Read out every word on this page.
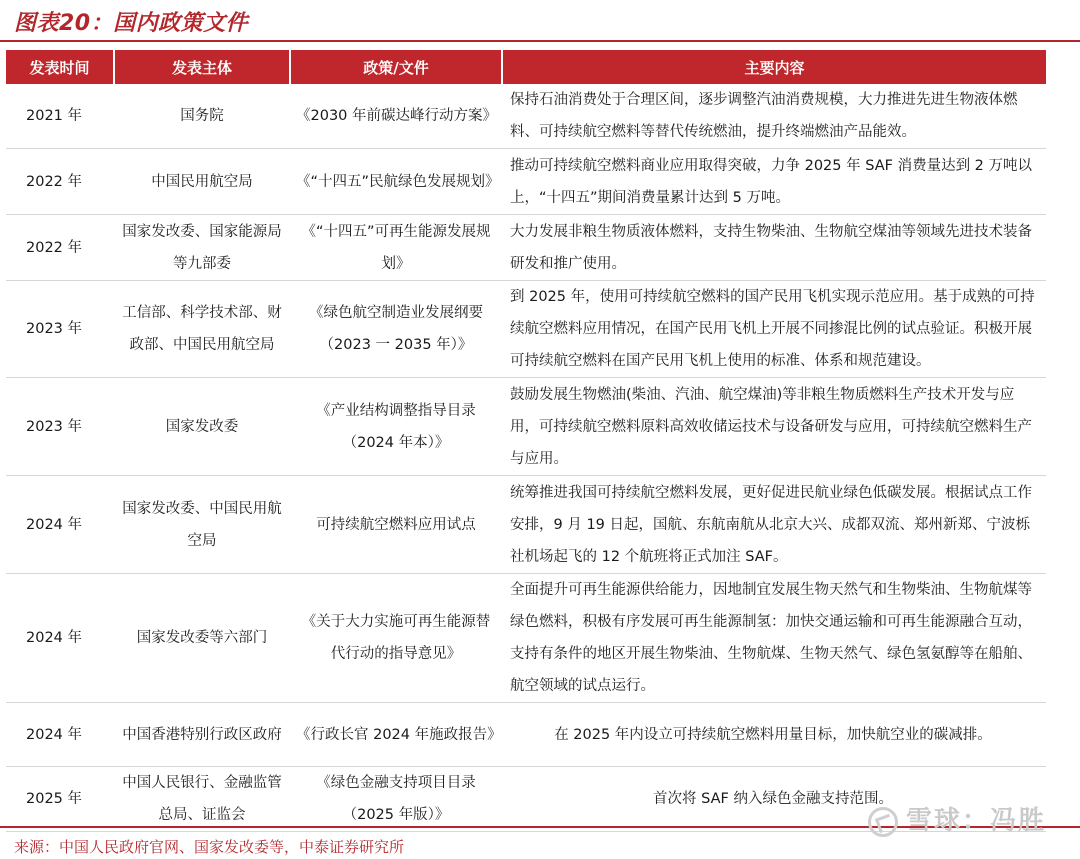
图表20：国内政策文件
发表时间	发表主体	政策/文件	主要内容
2021 年	国务院	《2030 年前碳达峰行动方案》	保持石油消费处于合理区间，逐步调整汽油消费规模，大力推进先进生物液体燃料、可持续航空燃料等替代传统燃油，提升终端燃油产品能效。
2022 年	中国民用航空局	《“十四五”民航绿色发展规划》	推动可持续航空燃料商业应用取得突破，力争 2025 年 SAF 消费量达到 2 万吨以上，“十四五”期间消费量累计达到 5 万吨。
2022 年	国家发改委、国家能源局等九部委	《“十四五”可再生能源发展规划》	大力发展非粮生物质液体燃料，支持生物柴油、生物航空煤油等领域先进技术装备研发和推广使用。
2023 年	工信部、科学技术部、财政部、中国民用航空局	《绿色航空制造业发展纲要（2023 一 2035 年）》	到 2025 年，使用可持续航空燃料的国产民用飞机实现示范应用。基于成熟的可持续航空燃料应用情况，在国产民用飞机上开展不同掺混比例的试点验证。积极开展可持续航空燃料在国产民用飞机上使用的标准、体系和规范建设。
2023 年	国家发改委	《产业结构调整指导目录（2024 年本）》	鼓励发展生物燃油(柴油、汽油、航空煤油)等非粮生物质燃料生产技术开发与应用，可持续航空燃料原料高效收储运技术与设备研发与应用，可持续航空燃料生产与应用。
2024 年	国家发改委、中国民用航空局	可持续航空燃料应用试点	统筹推进我国可持续航空燃料发展，更好促进民航业绿色低碳发展。根据试点工作安排，9 月 19 日起，国航、东航南航从北京大兴、成都双流、郑州新郑、宁波栎社机场起飞的 12 个航班将正式加注 SAF。
2024 年	国家发改委等六部门	《关于大力实施可再生能源替代行动的指导意见》	全面提升可再生能源供给能力，因地制宜发展生物天然气和生物柴油、生物航煤等绿色燃料，积极有序发展可再生能源制氢：加快交通运输和可再生能源融合互动，支持有条件的地区开展生物柴油、生物航煤、生物天然气、绿色氢氨醇等在船舶、航空领域的试点运行。
2024 年	中国香港特别行政区政府	《行政长官 2024 年施政报告》	在 2025 年内设立可持续航空燃料用量目标，加快航空业的碳减排。
2025 年	中国人民银行、金融监管总局、证监会	《绿色金融支持项目目录（2025 年版）》	首次将 SAF 纳入绿色金融支持范围。
来源：中国人民政府官网、国家发改委等，中泰证券研究所
雪球：冯胜
